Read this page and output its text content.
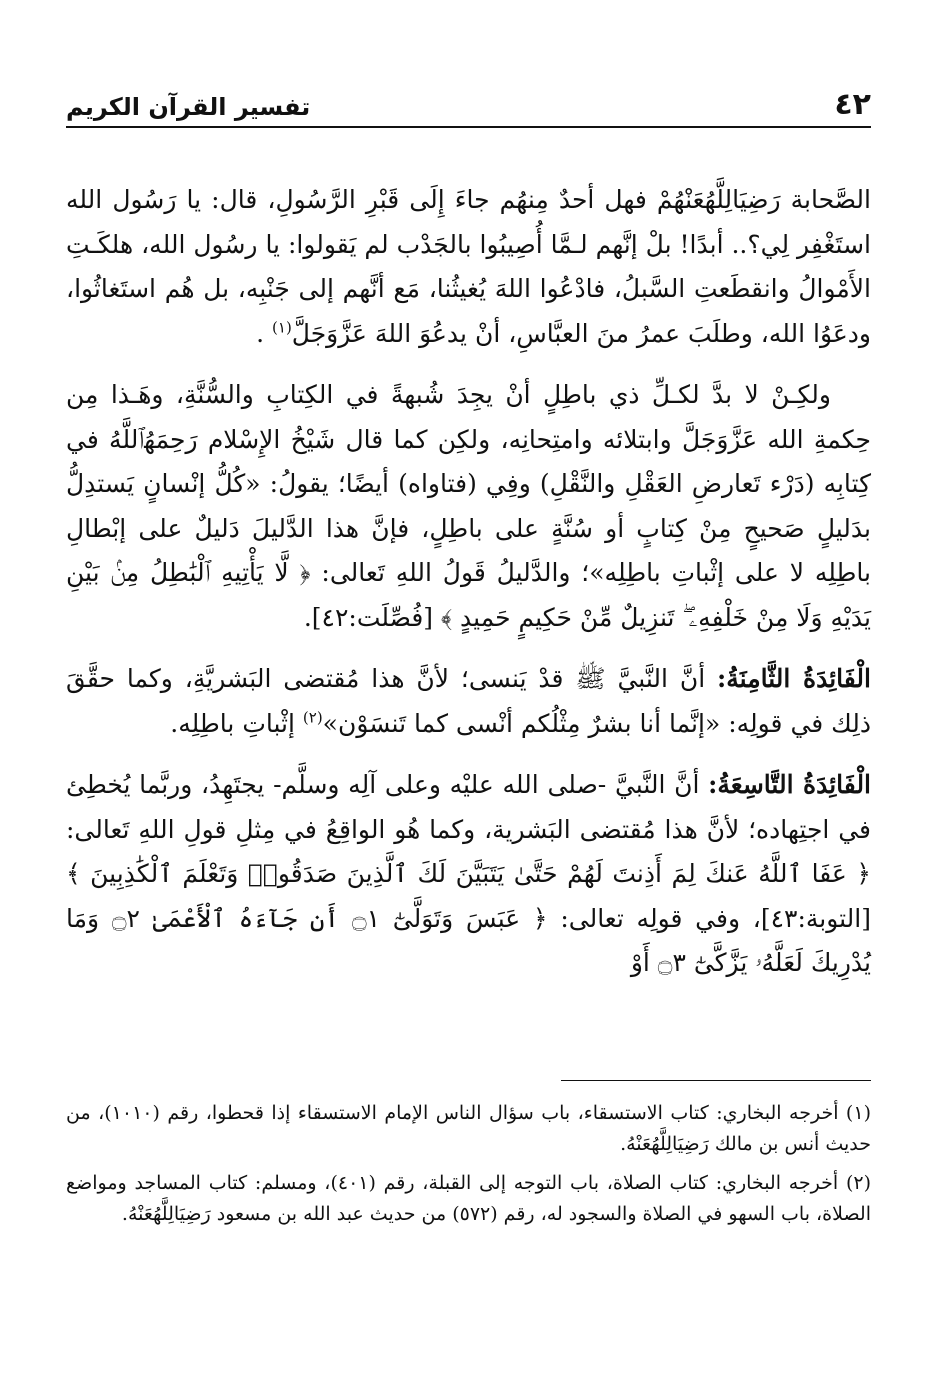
٤٢
تفسير القرآن الكريم

الصَّحابة رَضِيَالِلَّهُعَنْهُمْ فهل أحدٌ مِنهُم جاءَ إِلَى قَبْرِ الرَّسُولِ، قال: يا رَسُول الله استَغْفِر لِي؟.. أبدًا! بلْ إنَّهم لـمَّا أُصِيبُوا بالجَدْب لم يَقولوا: يا رسُول الله، هلكَـتِ الأَمْوالُ وانقطَعتِ السَّبلُ، فادْعُوا اللهَ يُغيثُنا، مَع أنَّهم إلى جَنْبِه، بل هُم استَغاثُوا، ودعَوُا الله، وطلَبَ عمرُ منَ العبَّاسِ، أنْ يدعُوَ اللهَ عَزَّوَجَلَّ$^{(١)}$ .

ولكِـنْ لا بدَّ لكـلِّ ذي باطِلٍ أنْ يجِدَ شُبهةً في الكِتابِ والسُّنَّةِ، وهَـذا مِن حِكمةِ الله عَزَّوَجَلَّ وابتلائه وامتِحانِه، ولكِن كما قال شَيْخُ الإِسْلام رَحِمَهُٱللَّهُ في كِتابِه (دَرْء تَعارضِ العَقْلِ والنَّقْلِ) وفِي (فتاواه) أيضًا؛ يقولُ: «كُلُّ إنْسانٍ يَستدِلُّ بدَليلٍ صَحيحٍ مِنْ كِتابٍ أو سُنَّةٍ على باطِلٍ، فإنَّ هذا الدَّليلَ دَليلٌ على إبْطالِ باطِلِه لا على إثْباتِ باطِلِه»؛ والدَّليلُ قَولُ اللهِ تَعالى: ﴿ لَّا يَأْتِيهِ ٱلْبَٰطِلُ مِنۢ بَيْنِ يَدَيْهِ وَلَا مِنْ خَلْفِهِۦ ۖ تَنزِيلٌ مِّنْ حَكِيمٍ حَمِيدٍ ﴾ [فُصِّلَت:٤٢].

الْفَائِدَةُ الثَّامِنَةُ: أنَّ النَّبيَّ ﷺ قدْ يَنسى؛ لأنَّ هذا مُقتضى البَشريَّةِ، وكما حقَّقَ ذلِك في قولِه: «إنَّما أنا بشرٌ مِثْلُكم أنْسى كما تَنسَوْن»$^{(٢)}$ إثْباتِ باطِلِه.

الْفَائِدَةُ التَّاسِعَةُ: أنَّ النَّبيَّ -صلى الله عليْه وعلى آلِه وسلَّم- يجتَهِدُ، وربَّما يُخطِئ في اجتِهاده؛ لأنَّ هذا مُقتضى البَشرية، وكما هُو الواقِعُ في مِثلِ قولِ اللهِ تَعالى: ﴿ عَفَا ٱللَّهُ عَنكَ لِمَ أَذِنتَ لَهُمْ حَتَّىٰ يَتَبَيَّنَ لَكَ ٱلَّذِينَ صَدَقُوا۟ وَتَعْلَمَ ٱلْكَٰذِبِينَ ﴾ [التوبة:٤٣]، وفي قولِه تعالى: ﴿ عَبَسَ وَتَوَلَّىٰٓ ۝١ أَن جَآءَهُ ٱلْأَعْمَىٰ ۝٢ وَمَا يُدْرِيكَ لَعَلَّهُۥ يَزَّكَّىٰٓ ۝٣ أَوْ

(١) أخرجه البخاري: كتاب الاستسقاء، باب سؤال الناس الإمام الاستسقاء إذا قحطوا، رقم (١٠١٠)، من حديث أنس بن مالك رَضِيَالِلَّهُعَنْهُ.

(٢) أخرجه البخاري: كتاب الصلاة، باب التوجه إلى القبلة، رقم (٤٠١)، ومسلم: كتاب المساجد ومواضع الصلاة، باب السهو في الصلاة والسجود له، رقم (٥٧٢) من حديث عبد الله بن مسعود رَضِيَالِلَّهُعَنْهُ.
